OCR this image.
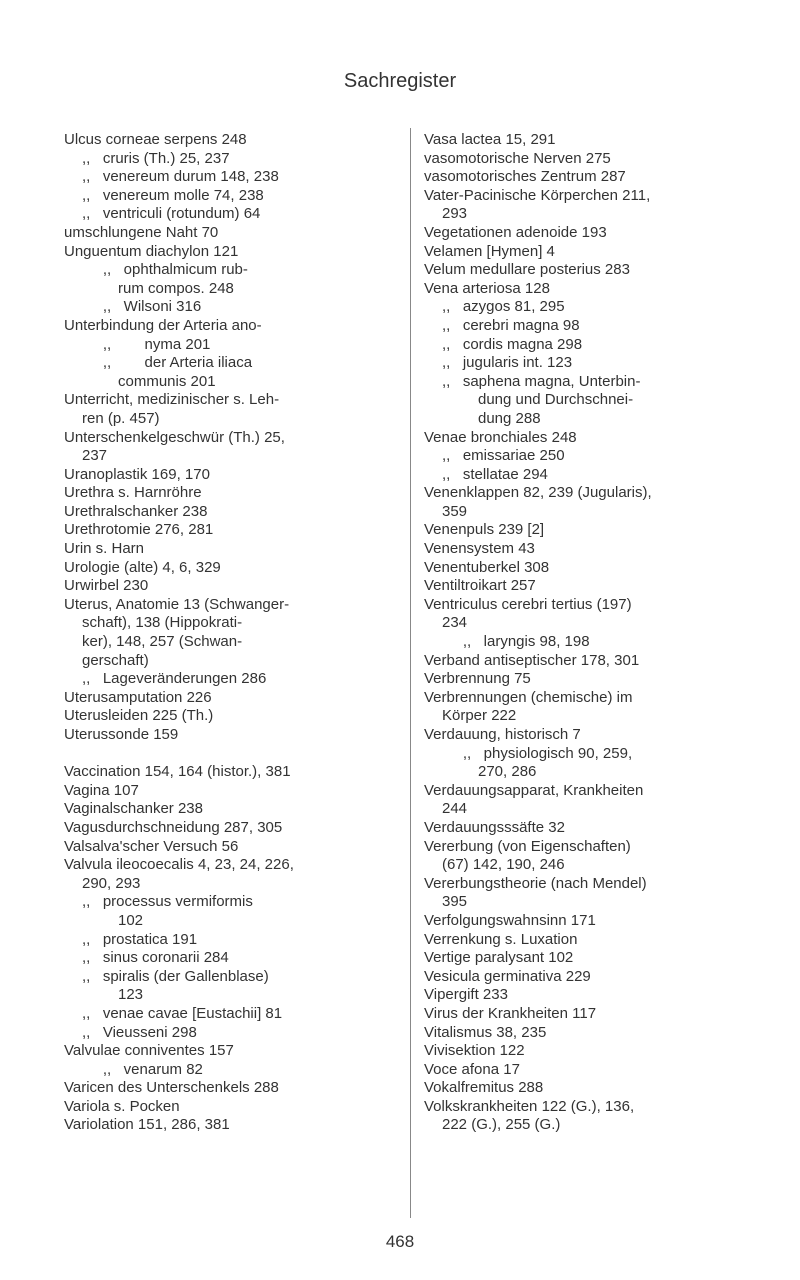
Sachregister
Ulcus corneae serpens 248
,,   cruris (Th.) 25, 237
,,   venereum durum 148, 238
,,   venereum molle 74, 238
,,   ventriculi (rotundum) 64
umschlungene Naht 70
Unguentum diachylon 121
,,   ophthalmicum rub-
rum compos. 248
,,   Wilsoni 316
Unterbindung der Arteria ano-
,,        nyma 201
,,        der Arteria iliaca
communis 201
Unterricht, medizinischer s. Leh-
ren (p. 457)
Unterschenkelgeschwür (Th.) 25,
237
Uranoplastik 169, 170
Urethra s. Harnröhre
Urethralschanker 238
Urethrotomie 276, 281
Urin s. Harn
Urologie (alte) 4, 6, 329
Urwirbel 230
Uterus, Anatomie 13 (Schwanger-
schaft), 138 (Hippokrati-
ker), 148, 257 (Schwan-
gerschaft)
,,   Lageveränderungen 286
Uterusamputation 226
Uterusleiden 225 (Th.)
Uterussonde 159
Vaccination 154, 164 (histor.), 381
Vagina 107
Vaginalschanker 238
Vagusdurchschneidung 287, 305
Valsalva'scher Versuch 56
Valvula ileocoecalis 4, 23, 24, 226,
290, 293
,,   processus vermiformis
102
,,   prostatica 191
,,   sinus coronarii 284
,,   spiralis (der Gallenblase)
123
,,   venae cavae [Eustachii] 81
,,   Vieusseni 298
Valvulae conniventes 157
,,   venarum 82
Varicen des Unterschenkels 288
Variola s. Pocken
Variolation 151, 286, 381
Vasa lactea 15, 291
vasomotorische Nerven 275
vasomotorisches Zentrum 287
Vater-Pacinische Körperchen 211,
293
Vegetationen adenoide 193
Velamen [Hymen] 4
Velum medullare posterius 283
Vena arteriosa 128
,,   azygos 81, 295
,,   cerebri magna 98
,,   cordis magna 298
,,   jugularis int. 123
,,   saphena magna, Unterbin-
dung und Durchschnei-
dung 288
Venae bronchiales 248
,,   emissariae 250
,,   stellatae 294
Venenklappen 82, 239 (Jugularis),
359
Venenpuls 239 [2]
Venensystem 43
Venentuberkel 308
Ventiltroikart 257
Ventriculus cerebri tertius (197)
234
,,   laryngis 98, 198
Verband antiseptischer 178, 301
Verbrennung 75
Verbrennungen (chemische) im
Körper 222
Verdauung, historisch 7
,,   physiologisch 90, 259,
270, 286
Verdauungsapparat, Krankheiten
244
Verdauungsssäfte 32
Vererbung (von Eigenschaften)
(67) 142, 190, 246
Vererbungstheorie (nach Mendel)
395
Verfolgungswahnsinn 171
Verrenkung s. Luxation
Vertige paralysant 102
Vesicula germinativa 229
Vipergift 233
Virus der Krankheiten 117
Vitalismus 38, 235
Vivisektion 122
Voce afona 17
Vokalfremitus 288
Volkskrankheiten 122 (G.), 136,
222 (G.), 255 (G.)
468
